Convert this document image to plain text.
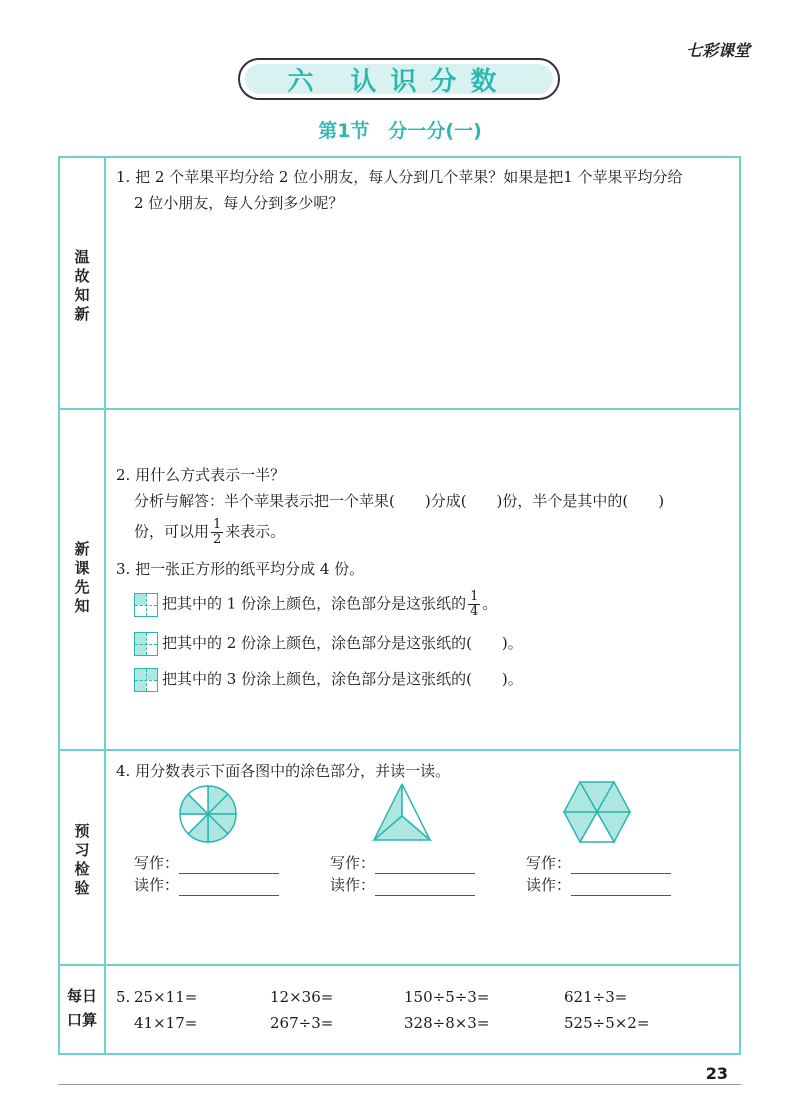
七彩课堂
六 认识分数
第1节　分一分(一)
温故知新
新课先知
预习检验
每日口算
1. 把 2 个苹果平均分给 2 位小朋友，每人分到几个苹果？如果是把1 个苹果平均分给
2 位小朋友，每人分到多少呢？
2. 用什么方式表示一半？
分析与解答：半个苹果表示把一个苹果(　　)分成(　　)份，半个是其中的(　　)
份，可以用 $\frac{1}{2}$ 来表示。
3. 把一张正方形的纸平均分成 4 份。
把其中的 1 份涂上颜色，涂色部分是这张纸的 $\frac{1}{4}$ 。
把其中的 2 份涂上颜色，涂色部分是这张纸的(　　)。
把其中的 3 份涂上颜色，涂色部分是这张纸的(　　)。
4. 用分数表示下面各图中的涂色部分，并读一读。
写作：
读作：
写作：
读作：
写作：
读作：
5. 25×11=	12×36=	150÷5÷3=	621÷3=
41×17=	267÷3=	328÷8×3=	525÷5×2=
23
